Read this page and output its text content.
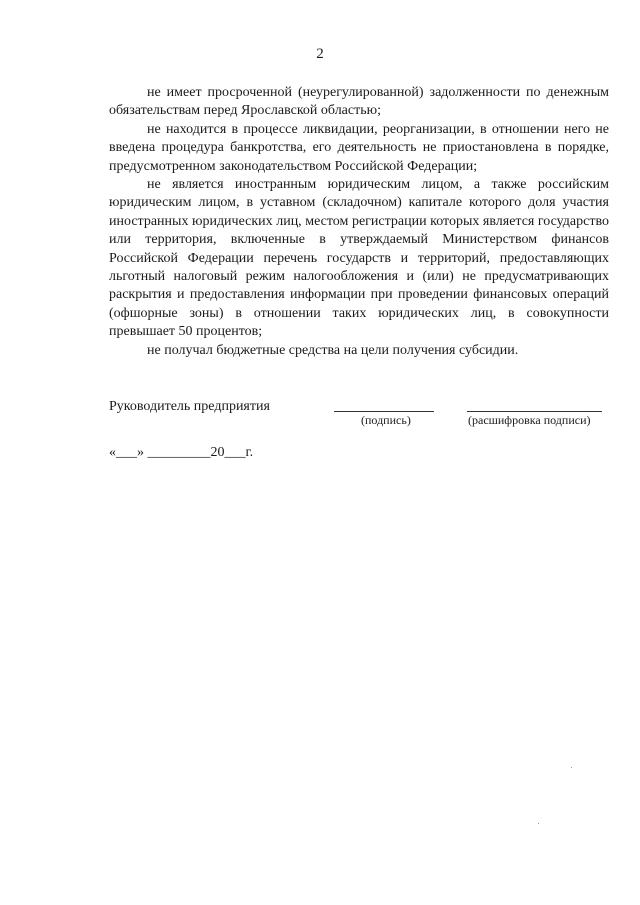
2

не имеет просроченной (неурегулированной) задолженности по денежным обязательствам перед Ярославской областью;

не находится в процессе ликвидации, реорганизации, в отношении него не введена процедура банкротства, его деятельность не приостановлена в порядке, предусмотренном законодательством Российской Федерации;

не является иностранным юридическим лицом, а также российским юридическим лицом, в уставном (складочном) капитале которого доля участия иностранных юридических лиц, местом регистрации которых является государство или территория, включенные в утверждаемый Министерством финансов Российской Федерации перечень государств и территорий, предоставляющих льготный налоговый режим налогообложения и (или) не предусматривающих раскрытия и предоставления информации при проведении финансовых операций (офшорные зоны) в отношении таких юридических лиц, в совокупности превышает 50 процентов;

не получал бюджетные средства на цели получения субсидии.

Руководитель предприятия
(подпись)	(расшифровка подписи)
«___» _________20___г.
